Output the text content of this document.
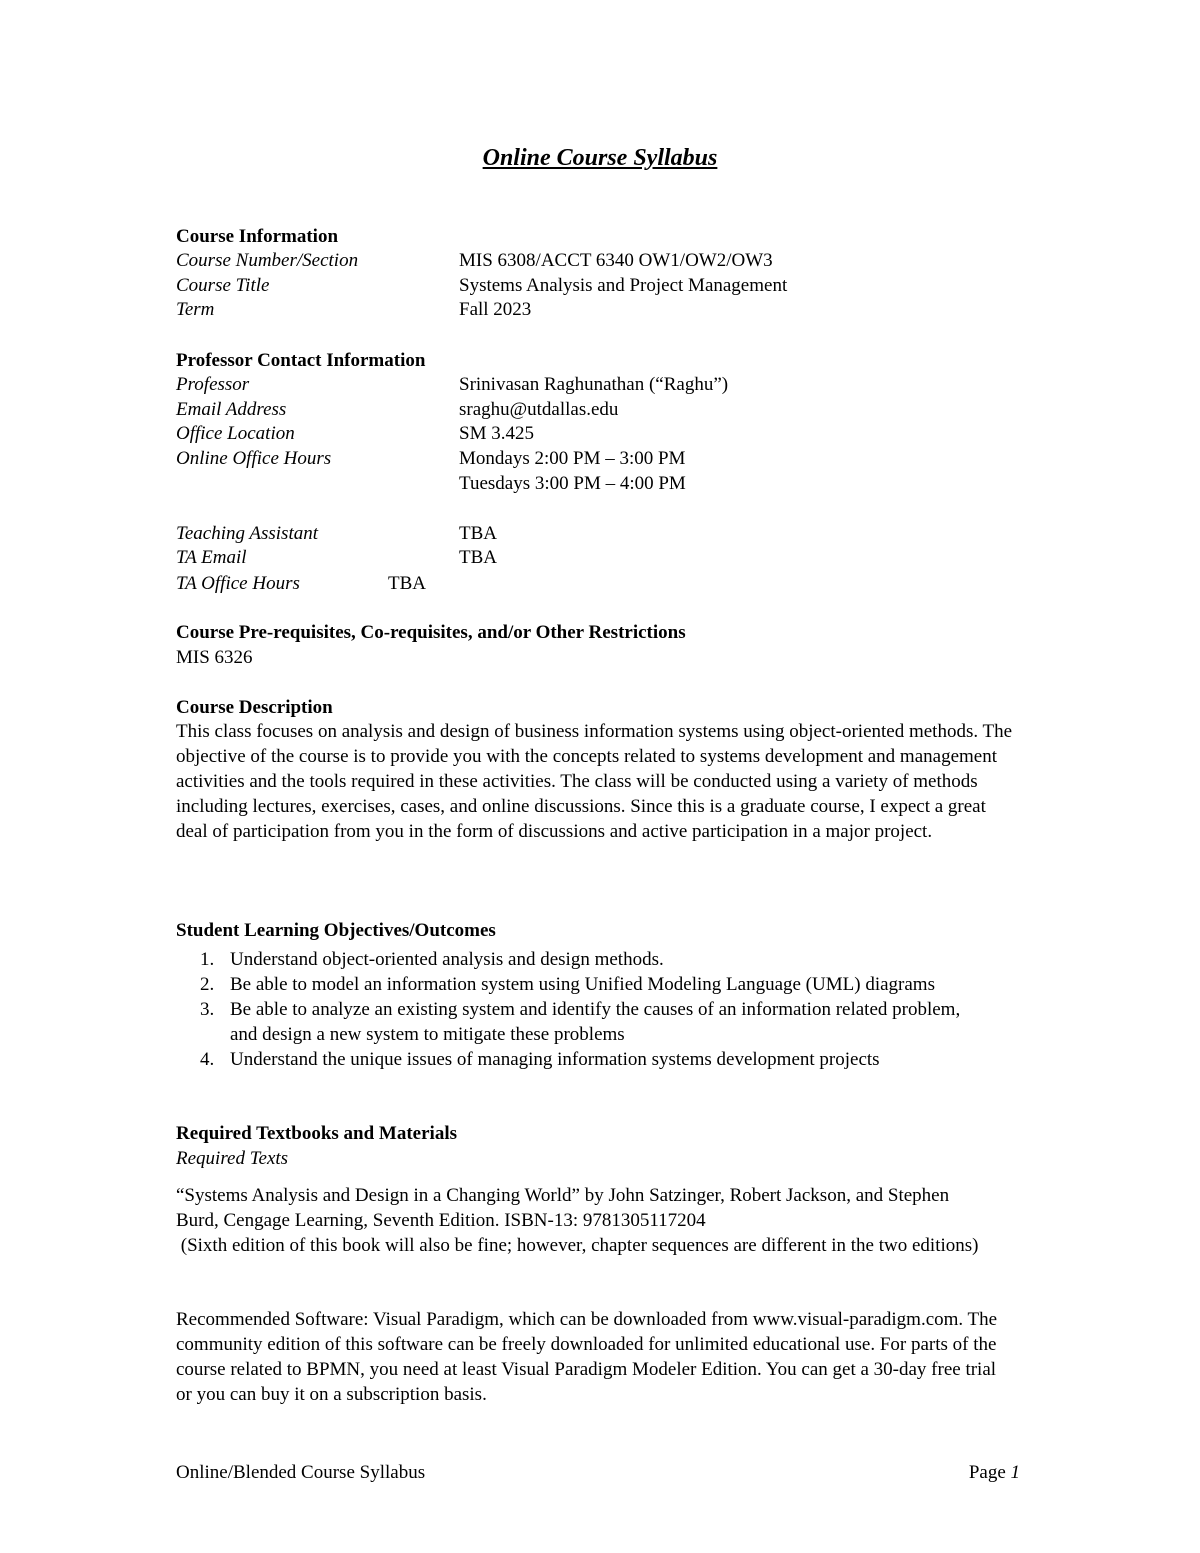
Online Course Syllabus
Course Information
Course Number/Section	MIS 6308/ACCT 6340 OW1/OW2/OW3
Course Title	Systems Analysis and Project Management
Term	Fall 2023
Professor Contact Information
Professor	Srinivasan Raghunathan (“Raghu”)
Email Address	sraghu@utdallas.edu
Office Location	SM 3.425
Online Office Hours	Mondays 2:00 PM – 3:00 PM
Tuesdays 3:00 PM – 4:00 PM
Teaching Assistant	TBA
TA Email	TBA
TA Office Hours	TBA
Course Pre-requisites, Co-requisites, and/or Other Restrictions
MIS 6326
Course Description
This class focuses on analysis and design of business information systems using object-oriented methods. The objective of the course is to provide you with the concepts related to systems development and management activities and the tools required in these activities. The class will be conducted using a variety of methods including lectures, exercises, cases, and online discussions. Since this is a graduate course, I expect a great deal of participation from you in the form of discussions and active participation in a major project.
Student Learning Objectives/Outcomes
1. Understand object-oriented analysis and design methods.
2. Be able to model an information system using Unified Modeling Language (UML) diagrams
3. Be able to analyze an existing system and identify the causes of an information related problem, and design a new system to mitigate these problems
4. Understand the unique issues of managing information systems development projects
Required Textbooks and Materials
Required Texts
“Systems Analysis and Design in a Changing World” by John Satzinger, Robert Jackson, and Stephen Burd, Cengage Learning, Seventh Edition. ISBN-13: 9781305117204
(Sixth edition of this book will also be fine; however, chapter sequences are different in the two editions)
Recommended Software: Visual Paradigm, which can be downloaded from www.visual-paradigm.com. The community edition of this software can be freely downloaded for unlimited educational use. For parts of the course related to BPMN, you need at least Visual Paradigm Modeler Edition. You can get a 30-day free trial or you can buy it on a subscription basis.
Online/Blended Course Syllabus	Page 1
